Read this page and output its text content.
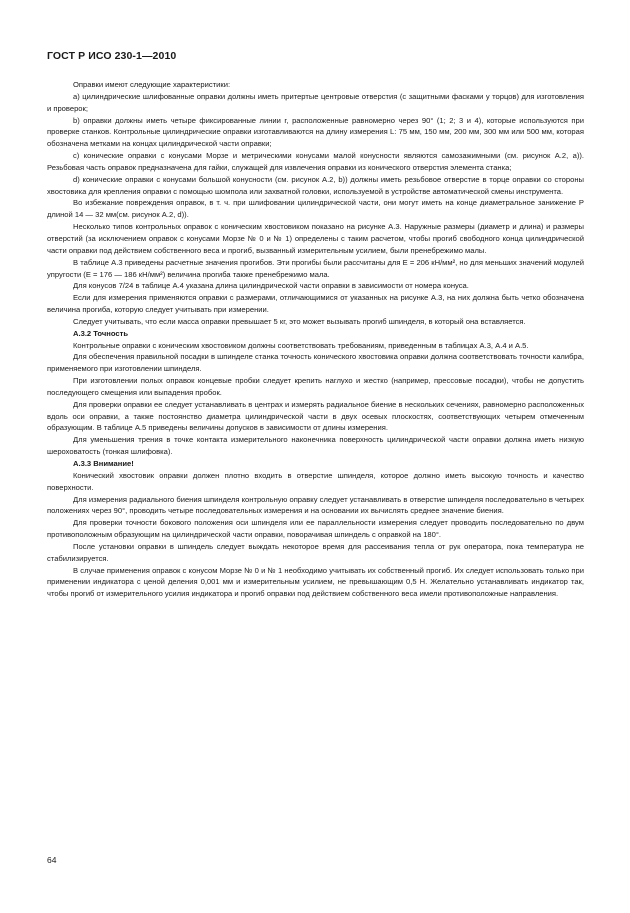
ГОСТ Р ИСО 230-1—2010

Оправки имеют следующие характеристики:

a) цилиндрические шлифованные оправки должны иметь притертые центровые отверстия (с защитными фасками у торцов) для изготовления и проверок;

b) оправки должны иметь четыре фиксированные линии r, расположенные равномерно через 90° (1; 2; 3 и 4), которые используются при проверке станков. Контрольные цилиндрические оправки изготавливаются на длину измерения L: 75 мм, 150 мм, 200 мм, 300 мм или 500 мм, которая обозначена метками на концах цилиндрической части оправки;

c) конические оправки с конусами Морзе и метрическими конусами малой конусности являются самозажимными (см. рисунок А.2, а)). Резьбовая часть оправок предназначена для гайки, служащей для извлечения оправки из конического отверстия элемента станка;

d) конические оправки с конусами большой конусности (см. рисунок А.2, b)) должны иметь резьбовое отверстие в торце оправки со стороны хвостовика для крепления оправки с помощью шомпола или захватной головки, используемой в устройстве автоматической смены инструмента.

Во избежание повреждения оправок, в т. ч. при шлифовании цилиндрической части, они могут иметь на конце диаметральное занижение P длиной 14 — 32 мм(см. рисунок А.2, d)).

Несколько типов контрольных оправок с коническим хвостовиком показано на рисунке А.3. Наружные размеры (диаметр и длина) и размеры отверстий (за исключением оправок с конусами Морзе № 0 и № 1) определены с таким расчетом, чтобы прогиб свободного конца цилиндрической части оправки под действием собственного веса и прогиб, вызванный измерительным усилием, были пренебрежимо малы.

В таблице А.3 приведены расчетные значения прогибов. Эти прогибы были рассчитаны для E = 206 кН/мм², но для меньших значений модулей упругости (E = 176 — 186 кН/мм²) величина прогиба также пренебрежимо мала.

Для конусов 7/24 в таблице А.4 указана длина цилиндрической части оправки в зависимости от номера конуса.

Если для измерения применяются оправки с размерами, отличающимися от указанных на рисунке А.3, на них должна быть четко обозначена величина прогиба, которую следует учитывать при измерении.

Следует учитывать, что если масса оправки превышает 5 кг, это может вызывать прогиб шпинделя, в который она вставляется.

А.3.2 Точность

Контрольные оправки с коническим хвостовиком должны соответствовать требованиям, приведенным в таблицах А.3, А.4 и А.5.

Для обеспечения правильной посадки в шпинделе станка точность конического хвостовика оправки должна соответствовать точности калибра, применяемого при изготовлении шпинделя.

При изготовлении полых оправок концевые пробки следует крепить наглухо и жестко (например, прессовые посадки), чтобы не допустить последующего смещения или выпадения пробок.

Для проверки оправки ее следует устанавливать в центрах и измерять радиальное биение в нескольких сечениях, равномерно расположенных вдоль оси оправки, а также постоянство диаметра цилиндрической части в двух осевых плоскостях, соответствующих четырем отмеченным образующим. В таблице А.5 приведены величины допусков в зависимости от длины измерения.

Для уменьшения трения в точке контакта измерительного наконечника поверхность цилиндрической части оправки должна иметь низкую шероховатость (тонкая шлифовка).

А.3.3 Внимание!

Конический хвостовик оправки должен плотно входить в отверстие шпинделя, которое должно иметь высокую точность и качество поверхности.

Для измерения радиального биения шпинделя контрольную оправку следует устанавливать в отверстие шпинделя последовательно в четырех положениях через 90°, проводить четыре последовательных измерения и на основании их вычислять среднее значение биения.

Для проверки точности бокового положения оси шпинделя или ее параллельности измерения следует проводить последовательно по двум противоположным образующим на цилиндрической части оправки, поворачивая шпиндель с оправкой на 180°.

После установки оправки в шпиндель следует выждать некоторое время для рассеивания тепла от рук оператора, пока температура не стабилизируется.

В случае применения оправок с конусом Морзе № 0 и № 1 необходимо учитывать их собственный прогиб. Их следует использовать только при применении индикатора с ценой деления 0,001 мм и измерительным усилием, не превышающим 0,5 Н. Желательно устанавливать индикатор так, чтобы прогиб от измерительного усилия индикатора и прогиб оправки под действием собственного веса имели противоположные направления.

64
